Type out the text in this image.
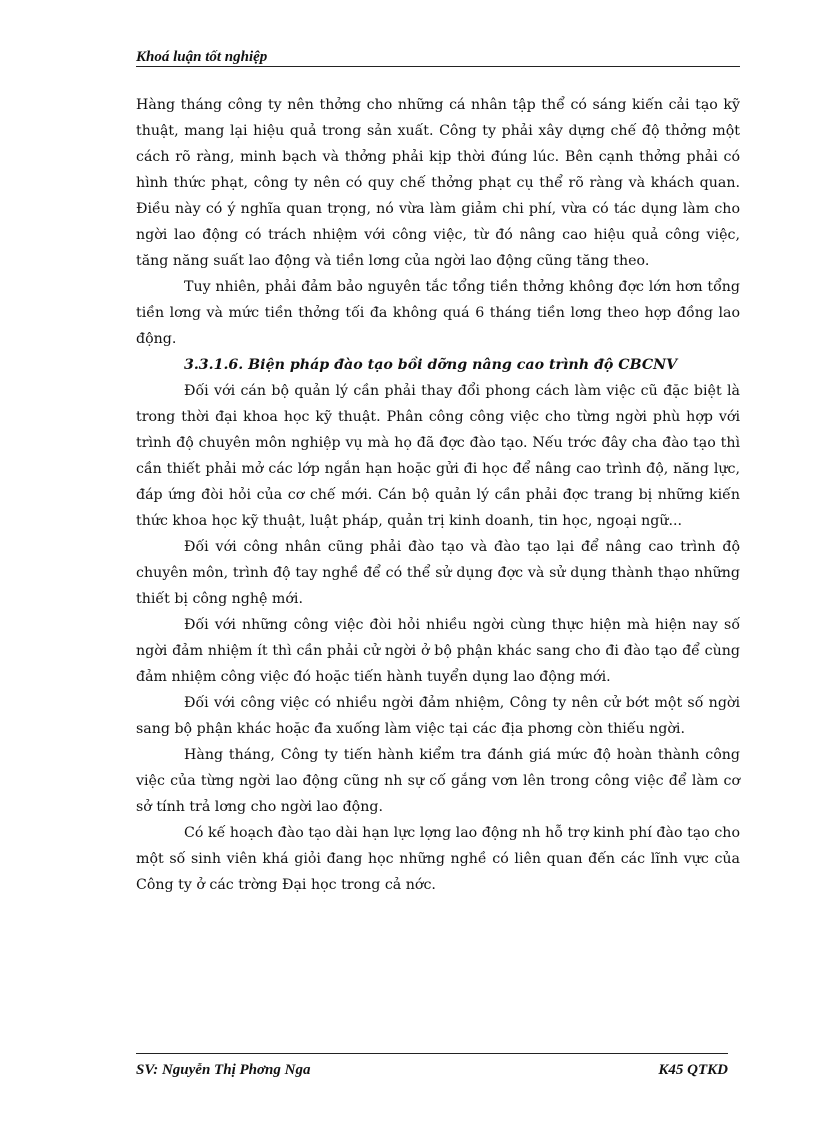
Khoá luận tốt nghiệp

Hàng tháng công ty nên thởng cho những cá nhân tập thể có sáng kiến cải tạo kỹ thuật, mang lại hiệu quả trong sản xuất. Công ty phải xây dựng chế độ thởng một cách rõ ràng, minh bạch và thởng phải kịp thời đúng lúc. Bên cạnh thởng phải có hình thức phạt, công ty nên có quy chế thởng phạt cụ thể rõ ràng và khách quan. Điều này có ý nghĩa quan trọng, nó vừa làm giảm chi phí, vừa có tác dụng làm cho ngời lao động có trách nhiệm với công việc, từ đó nâng cao hiệu quả công việc, tăng năng suất lao động và tiền lơng của ngời lao động cũng tăng theo.

Tuy nhiên, phải đảm bảo nguyên tắc tổng tiền thởng không đợc lớn hơn tổng tiền lơng và mức tiền thởng tối đa không quá 6 tháng tiền lơng theo hợp đồng lao động.

3.3.1.6. Biện pháp đào tạo bồi dỡng nâng cao trình độ CBCNV

Đối với cán bộ quản lý cần phải thay đổi phong cách làm việc cũ đặc biệt là trong thời đại khoa học kỹ thuật. Phân công công việc cho từng ngời phù hợp với trình độ chuyên môn nghiệp vụ mà họ đã đợc đào tạo. Nếu trớc đây cha đào tạo thì cần thiết phải mở các lớp ngắn hạn hoặc gửi đi học để nâng cao trình độ, năng lực, đáp ứng đòi hỏi của cơ chế mới. Cán bộ quản lý cần phải đợc trang bị những kiến thức khoa học kỹ thuật, luật pháp, quản trị kinh doanh, tin học, ngoại ngữ...

Đối với công nhân cũng phải đào tạo và đào tạo lại để nâng cao trình độ chuyên môn, trình độ tay nghề để có thể sử dụng đợc và sử dụng thành thạo những thiết bị công nghệ mới.

Đối với những công việc đòi hỏi nhiều ngời cùng thực hiện mà hiện nay số ngời đảm nhiệm ít thì cần phải cử ngời ở bộ phận khác sang cho đi đào tạo để cùng đảm nhiệm công việc đó hoặc tiến hành tuyển dụng lao động mới.

Đối với công việc có nhiều ngời đảm nhiệm, Công ty nên cử bớt một số ngời sang bộ phận khác hoặc đa xuống làm việc tại các địa phơng còn thiếu ngời.

Hàng tháng, Công ty tiến hành kiểm tra đánh giá mức độ hoàn thành công việc của từng ngời lao động cũng nh sự cố gắng vơn lên trong công việc để làm cơ sở tính trả lơng cho ngời lao động.

Có kế hoạch đào tạo dài hạn lực lợng lao động nh hỗ trợ kinh phí đào tạo cho một số sinh viên khá giỏi đang học những nghề có liên quan đến các lĩnh vực của Công ty ở các trờng Đại học trong cả nớc.

SV: Nguyễn Thị Phơng Nga	K45 QTKD
